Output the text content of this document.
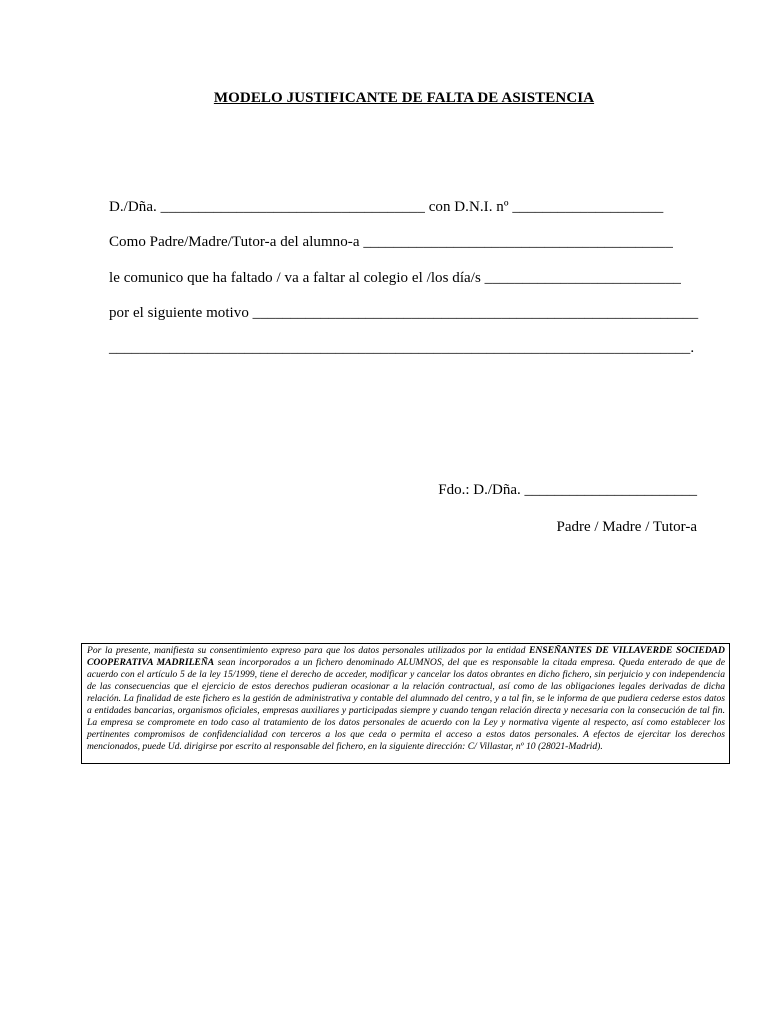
MODELO JUSTIFICANTE DE FALTA DE ASISTENCIA
D./Dña. ___________________________________ con D.N.I. nº ____________________
Como Padre/Madre/Tutor-a del alumno-a _________________________________________
le comunico que ha faltado / va a faltar al colegio el /los día/s __________________________
por el siguiente motivo ___________________________________________________________
_____________________________________________________________________________.
Fdo.: D./Dña. _______________________
Padre / Madre / Tutor-a
Por la presente, manifiesta su consentimiento expreso para que los datos personales utilizados por la entidad ENSEÑANTES DE VILLAVERDE SOCIEDAD COOPERATIVA MADRILEÑA sean incorporados a un fichero denominado ALUMNOS, del que es responsable la citada empresa. Queda enterado de que de acuerdo con el artículo 5 de la ley 15/1999, tiene el derecho de acceder, modificar y cancelar los datos obrantes en dicho fichero, sin perjuicio y con independencia de las consecuencias que el ejercicio de estos derechos pudieran ocasionar a la relación contractual, así como de las obligaciones legales derivadas de dicha relación. La finalidad de este fichero es la gestión de administrativa y contable del alumnado del centro, y a tal fin, se le informa de que pudiera cederse estos datos a entidades bancarias, organismos oficiales, empresas auxiliares y participadas siempre y cuando tengan relación directa y necesaria con la consecución de tal fin. La empresa se compromete en todo caso al tratamiento de los datos personales de acuerdo con la Ley y normativa vigente al respecto, así como establecer los pertinentes compromisos de confidencialidad con terceros a los que ceda o permita el acceso a estos datos personales. A efectos de ejercitar los derechos mencionados, puede Ud. dirigirse por escrito al responsable del fichero, en la siguiente dirección: C/ Villastar, nº 10 (28021-Madrid).
